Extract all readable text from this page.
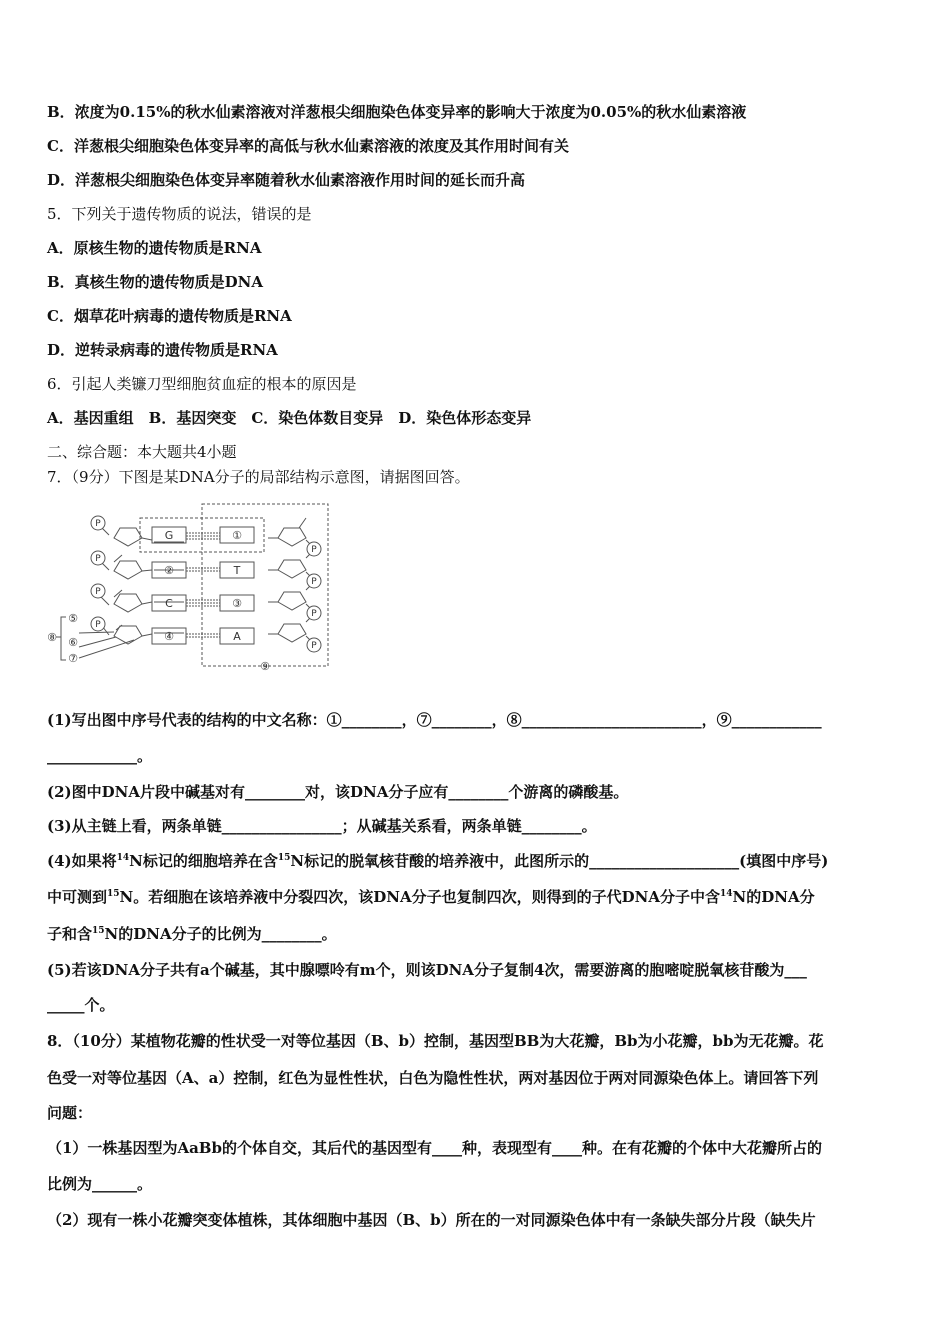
B．浓度为0.15%的秋水仙素溶液对洋葱根尖细胞染色体变异率的影响大于浓度为0.05%的秋水仙素溶液
C．洋葱根尖细胞染色体变异率的高低与秋水仙素溶液的浓度及其作用时间有关
D．洋葱根尖细胞染色体变异率随着秋水仙素溶液作用时间的延长而升高
5．下列关于遗传物质的说法，错误的是
A．原核生物的遗传物质是RNA
B．真核生物的遗传物质是DNA
C．烟草花叶病毒的遗传物质是RNA
D．逆转录病毒的遗传物质是RNA
6．引起人类镰刀型细胞贫血症的根本的原因是
A．基因重组　B．基因突变　C．染色体数目变异　D．染色体形态变异
二、综合题：本大题共4小题
7．（9分）下图是某DNA分子的局部结构示意图，请据图回答。
P
P
P
P
P
P
P
P
G
②
C
④
①
T
③
A
⑤
⑥
⑦
⑧
⑨
(1)写出图中序号代表的结构的中文名称：①________，⑦________，⑧________________________，⑨____________
____________。
(2)图中DNA片段中碱基对有________对，该DNA分子应有________个游离的磷酸基。
(3)从主链上看，两条单链________________；从碱基关系看，两条单链________。
(4)如果将$^{14}$N标记的细胞培养在含$^{15}$N标记的脱氧核苷酸的培养液中，此图所示的____________________(填图中序号)
中可测到$^{15}$N。若细胞在该培养液中分裂四次，该DNA分子也复制四次，则得到的子代DNA分子中含$^{14}$N的DNA分
子和含$^{15}$N的DNA分子的比例为________。
(5)若该DNA分子共有a个碱基，其中腺嘌呤有m个，则该DNA分子复制4次，需要游离的胞嘧啶脱氧核苷酸为___
_____个。
8．（10分）某植物花瓣的性状受一对等位基因（B、b）控制，基因型BB为大花瓣，Bb为小花瓣，bb为无花瓣。花
色受一对等位基因（A、a）控制，红色为显性性状，白色为隐性性状，两对基因位于两对同源染色体上。请回答下列
问题：
（1）一株基因型为AaBb的个体自交，其后代的基因型有____种，表现型有____种。在有花瓣的个体中大花瓣所占的
比例为______。
（2）现有一株小花瓣突变体植株，其体细胞中基因（B、b）所在的一对同源染色体中有一条缺失部分片段（缺失片
